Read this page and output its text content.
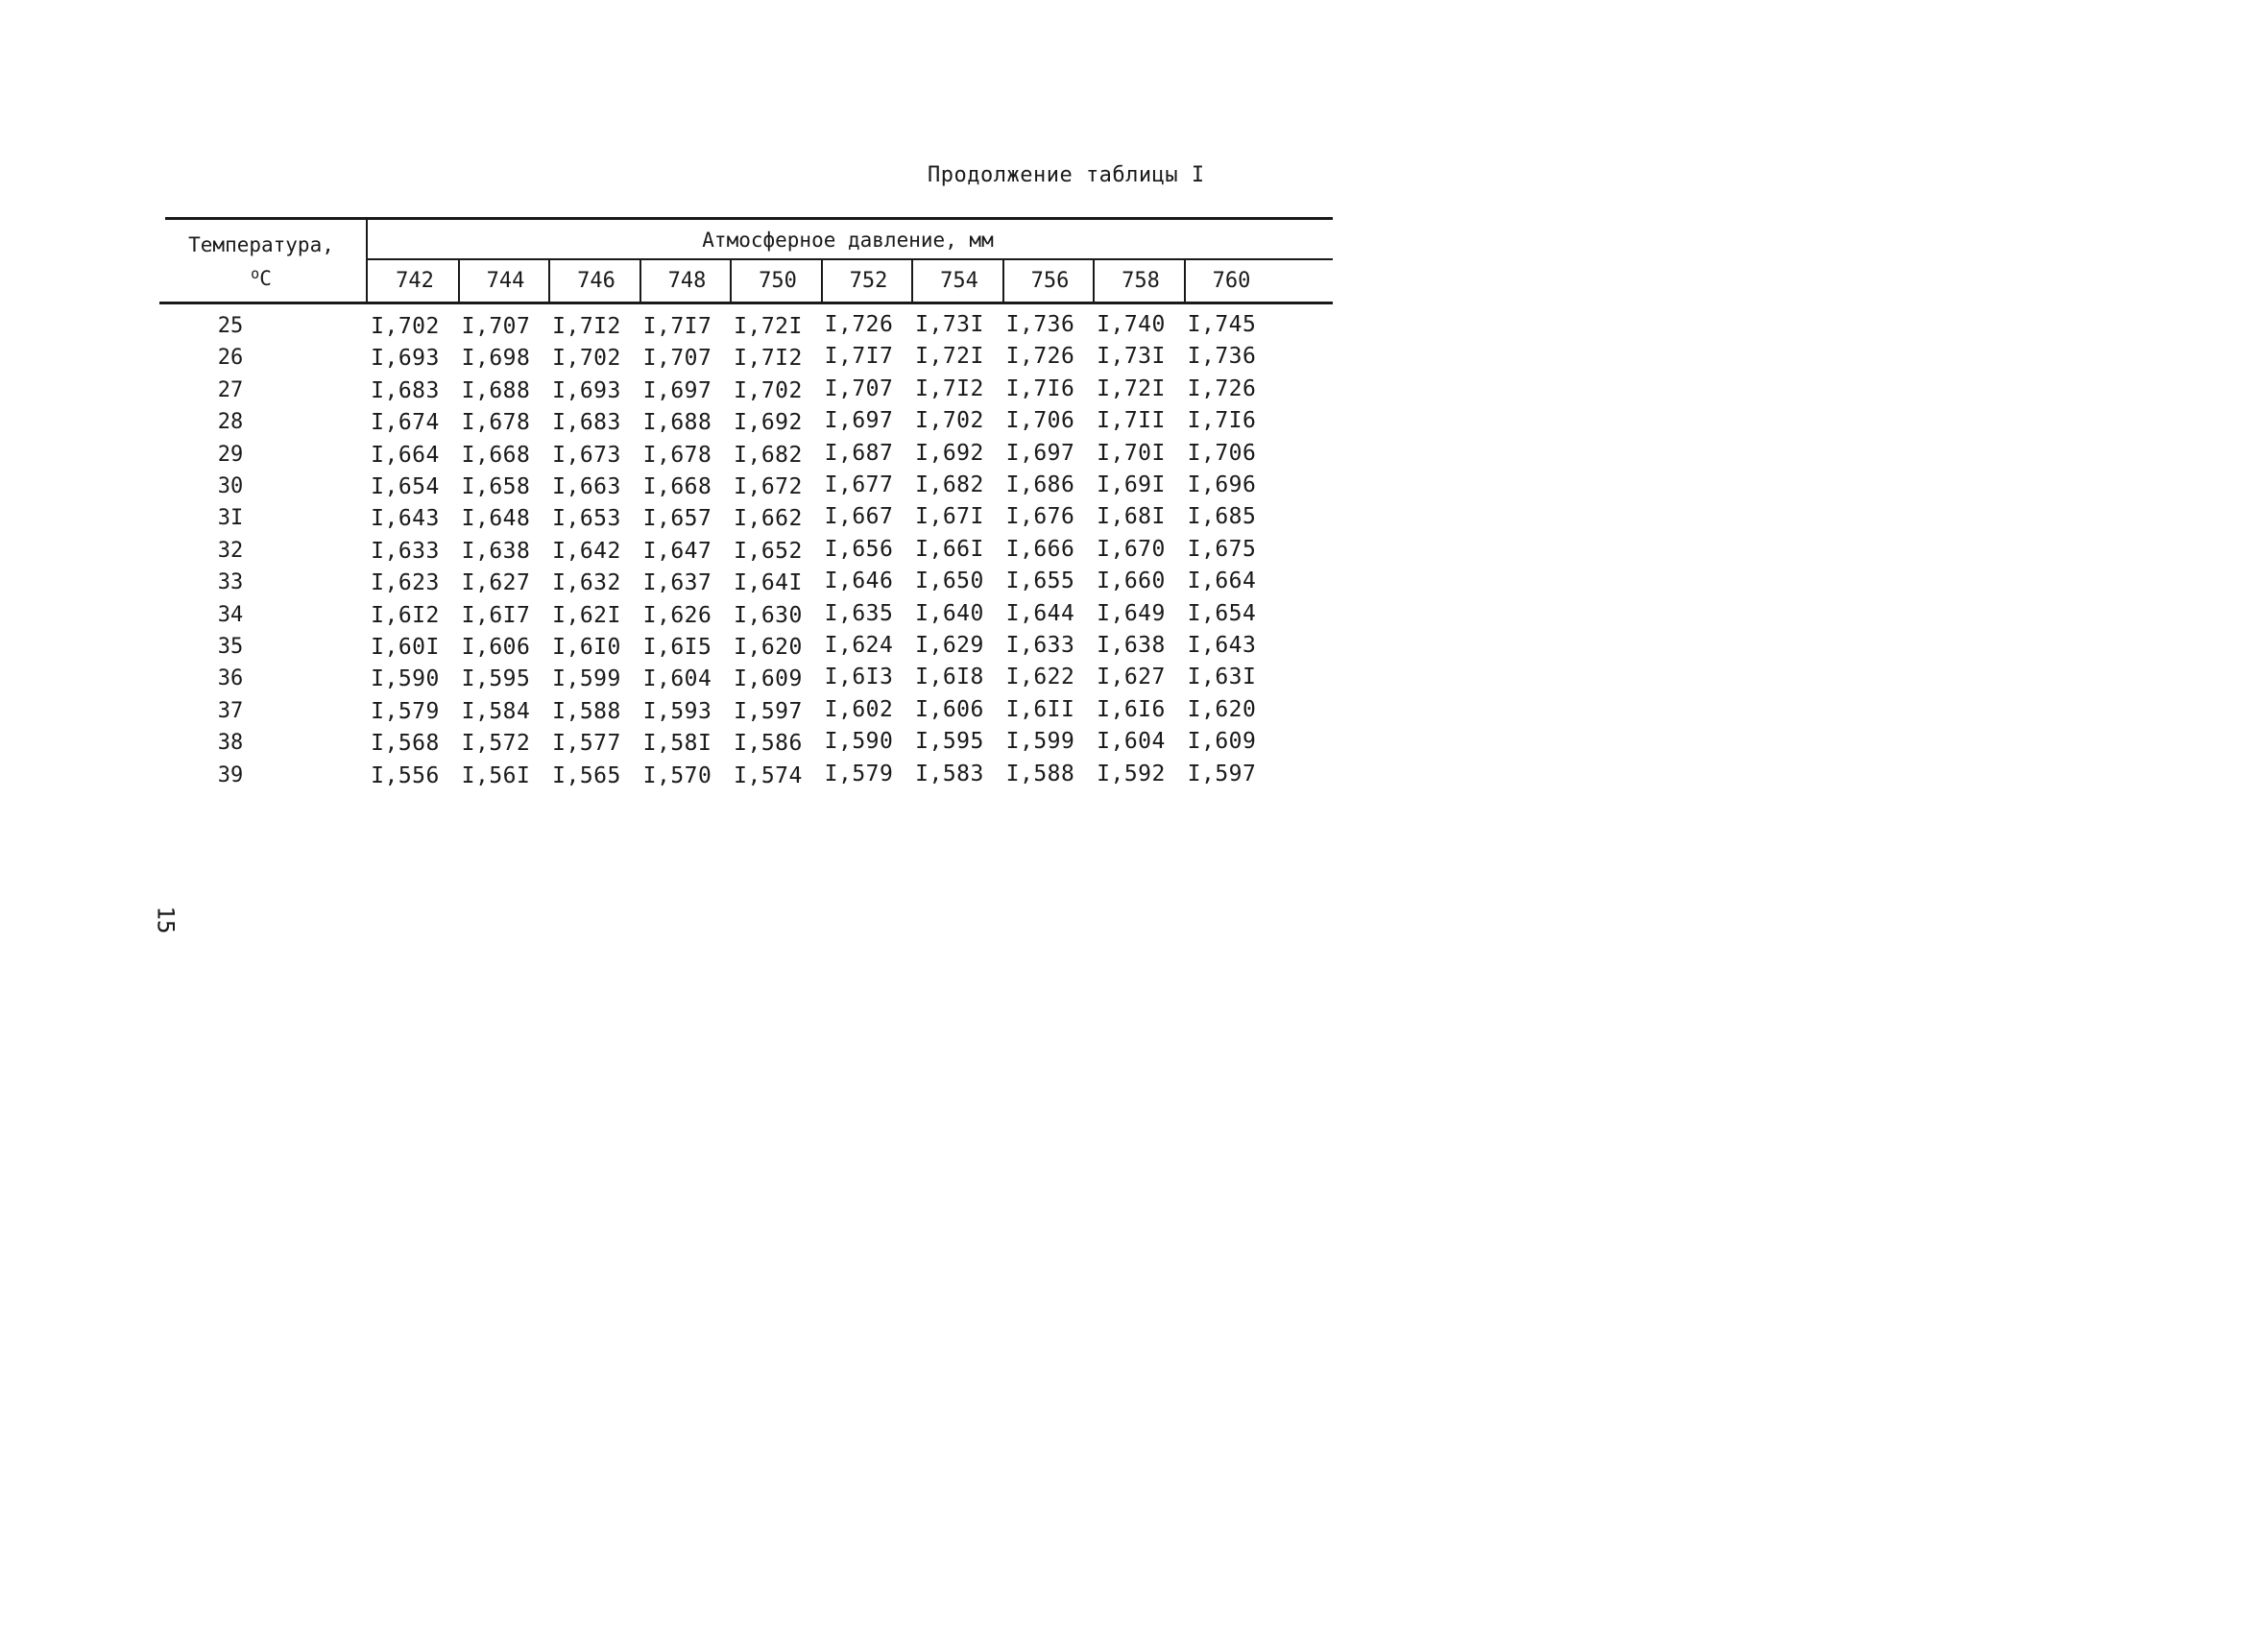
Продолжение таблицы I
Температура,
$^o$C
Атмосферное давление, мм
742	744	746	748	750	752	754	756	758	760
25	I,702 I,707 I,7I2 I,7I7 I,72I I,726 I,73I I,736 I,740 I,745
26	I,693 I,698 I,702 I,707 I,7I2 I,7I7 I,72I I,726 I,73I I,736
27	I,683 I,688 I,693 I,697 I,702 I,707 I,7I2 I,7I6 I,72I I,726
28	I,674 I,678 I,683 I,688 I,692 I,697 I,702 I,706 I,7II I,7I6
29	I,664 I,668 I,673 I,678 I,682 I,687 I,692 I,697 I,70I I,706
30	I,654 I,658 I,663 I,668 I,672 I,677 I,682 I,686 I,69I I,696
3I	I,643 I,648 I,653 I,657 I,662 I,667 I,67I I,676 I,68I I,685
32	I,633 I,638 I,642 I,647 I,652 I,656 I,66I I,666 I,670 I,675
33	I,623 I,627 I,632 I,637 I,64I I,646 I,650 I,655 I,660 I,664
34	I,6I2 I,6I7 I,62I I,626 I,630 I,635 I,640 I,644 I,649 I,654
35	I,60I I,606 I,6I0 I,6I5 I,620 I,624 I,629 I,633 I,638 I,643
36	I,590 I,595 I,599 I,604 I,609 I,6I3 I,6I8 I,622 I,627 I,63I
37	I,579 I,584 I,588 I,593 I,597 I,602 I,606 I,6II I,6I6 I,620
38	I,568 I,572 I,577 I,58I I,586 I,590 I,595 I,599 I,604 I,609
39	I,556 I,56I I,565 I,570 I,574 I,579 I,583 I,588 I,592 I,597
15
